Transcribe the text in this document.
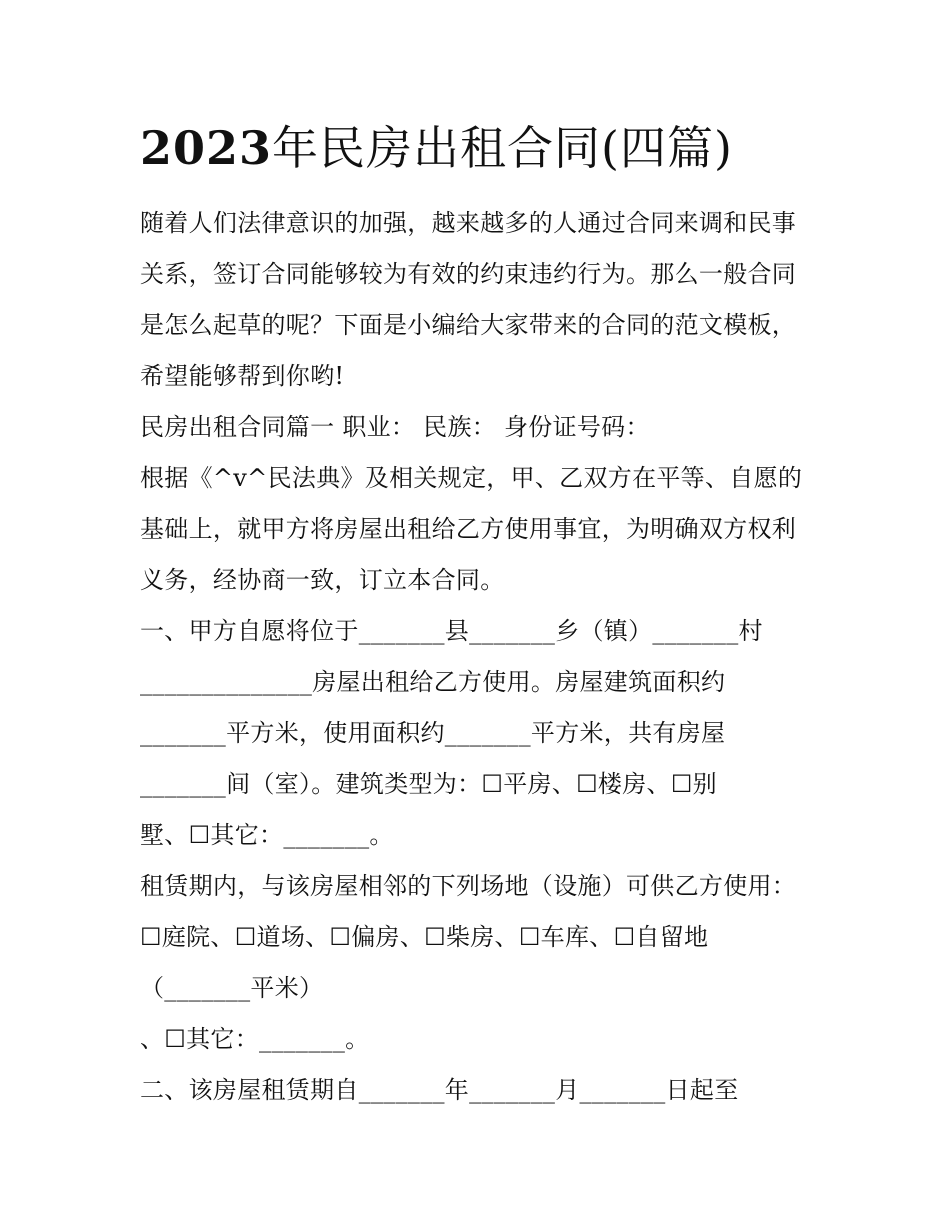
2023年民房出租合同(四篇)
随着人们法律意识的加强，越来越多的人通过合同来调和民事
关系，签订合同能够较为有效的约束违约行为。那么一般合同
是怎么起草的呢？下面是小编给大家带来的合同的范文模板，
希望能够帮到你哟!
民房出租合同篇一 职业： 民族： 身份证号码：
根据《^v^民法典》及相关规定，甲、乙双方在平等、自愿的
基础上，就甲方将房屋出租给乙方使用事宜，为明确双方权利
义务，经协商一致，订立本合同。
一、甲方自愿将位于_______县_______乡（镇）_______村
______________房屋出租给乙方使用。房屋建筑面积约
_______平方米，使用面积约_______平方米，共有房屋
_______间（室）。建筑类型为：☐平房、☐楼房、☐别
墅、☐其它：_______。
租赁期内，与该房屋相邻的下列场地（设施）可供乙方使用：
☐庭院、☐道场、☐偏房、☐柴房、☐车库、☐自留地
（_______平米）
、☐其它：_______。
二、该房屋租赁期自_______年_______月_______日起至
